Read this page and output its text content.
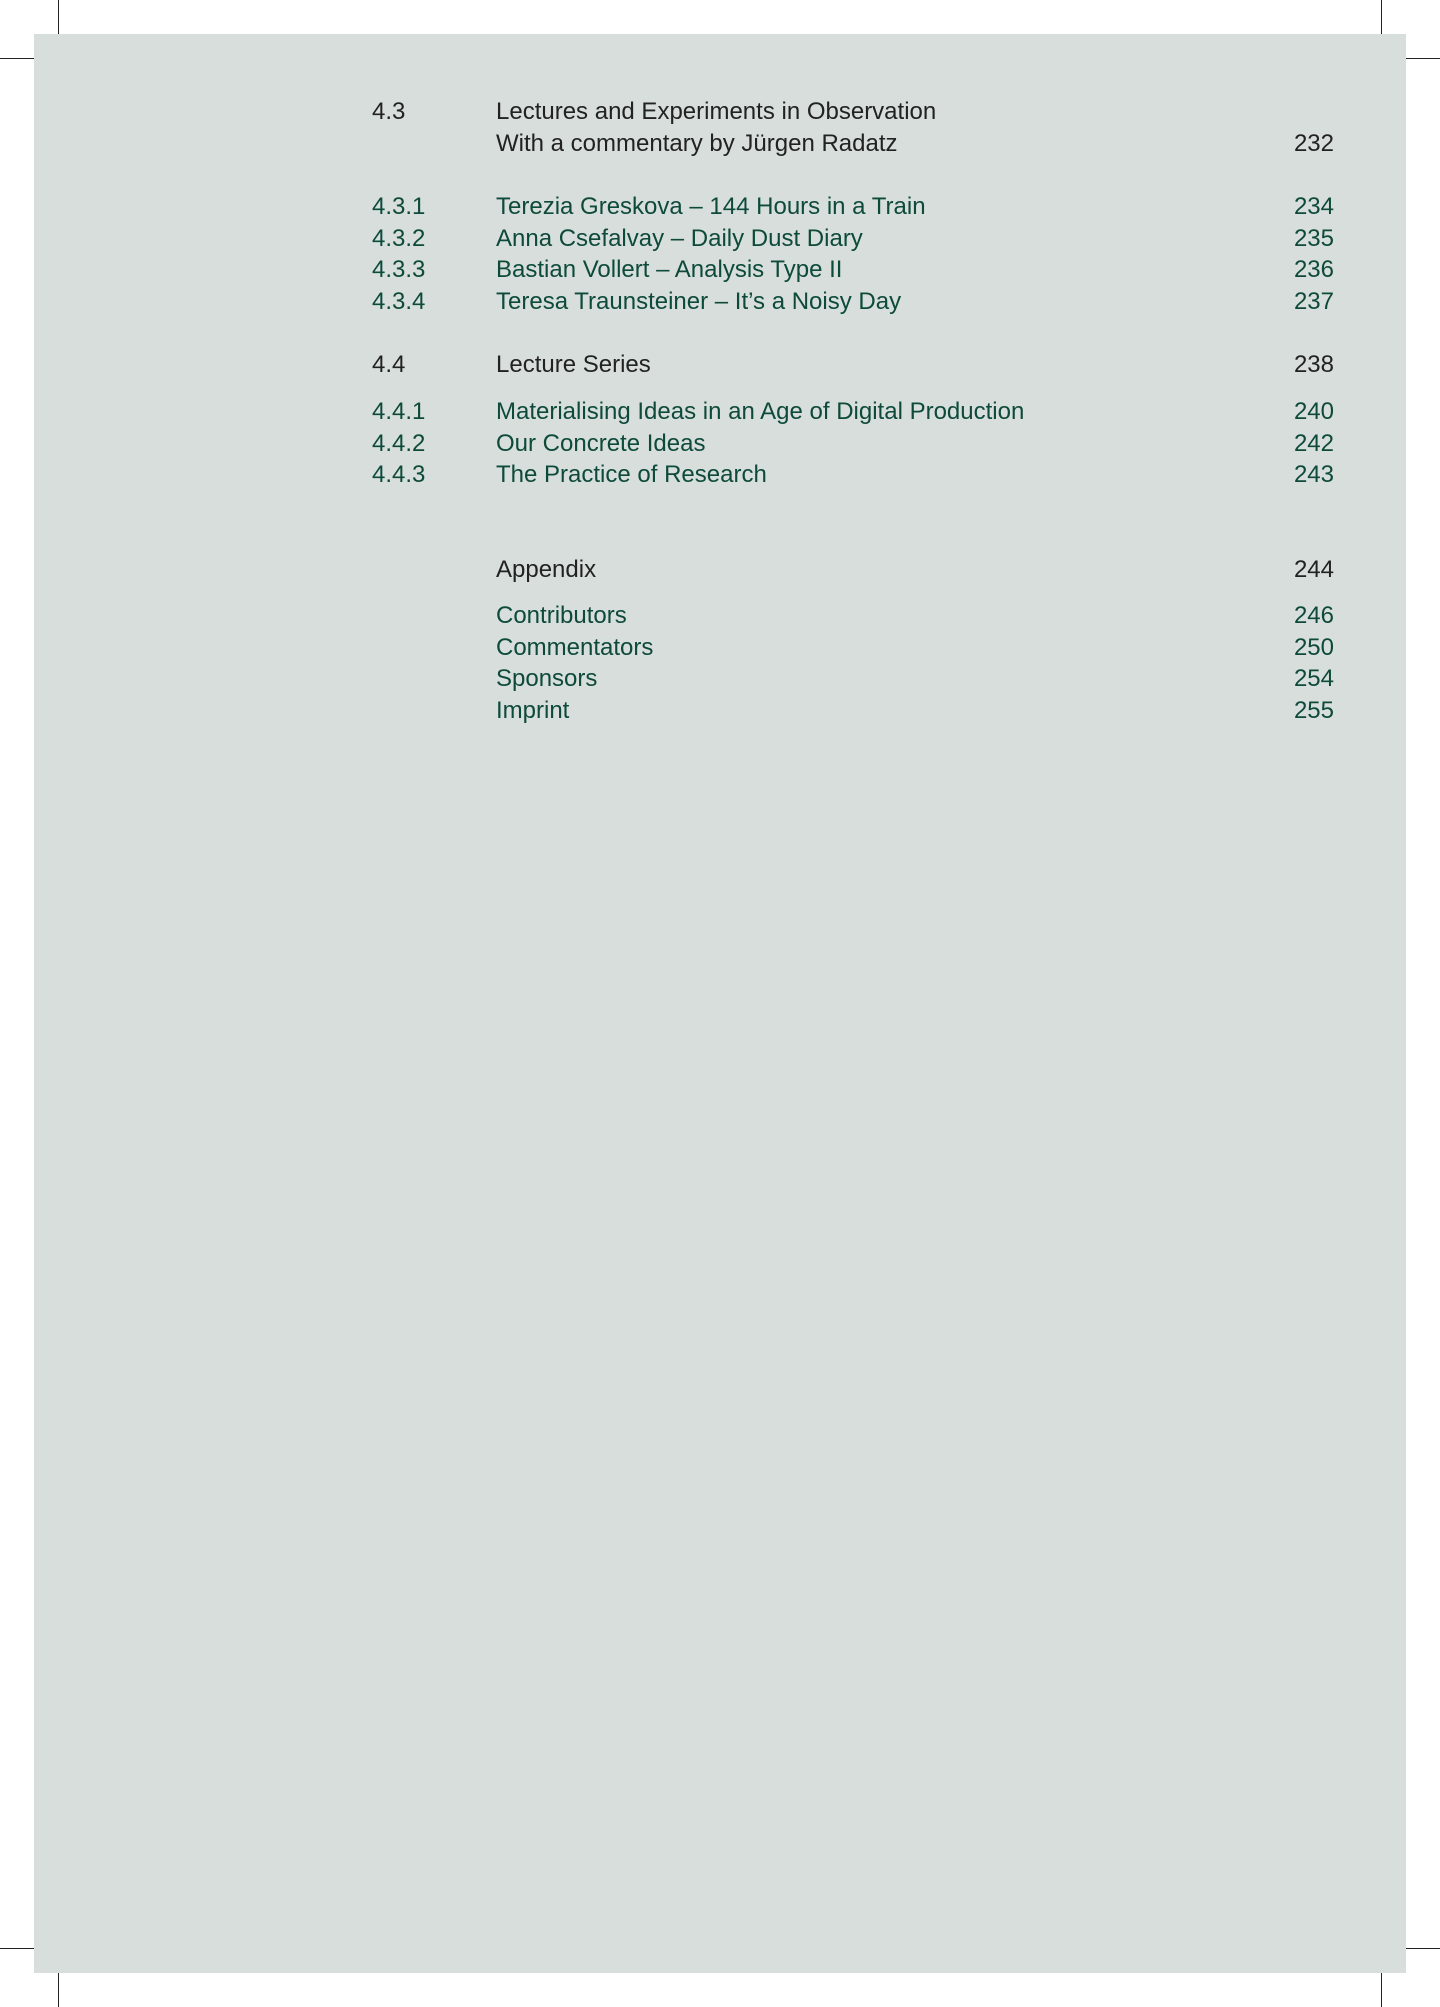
4.3	Lectures and Experiments in Observation
With a commentary by Jürgen Radatz	232
4.3.1	Terezia Greskova – 144 Hours in a Train	234
4.3.2	Anna Csefalvay – Daily Dust Diary	235
4.3.3	Bastian Vollert – Analysis Type II	236
4.3.4	Teresa Traunsteiner – It’s a Noisy Day	237
4.4	Lecture Series	238
4.4.1	Materialising Ideas in an Age of Digital Production	240
4.4.2	Our Concrete Ideas	242
4.4.3	The Practice of Research	243
Appendix	244
Contributors	246
Commentators	250
Sponsors	254
Imprint	255
